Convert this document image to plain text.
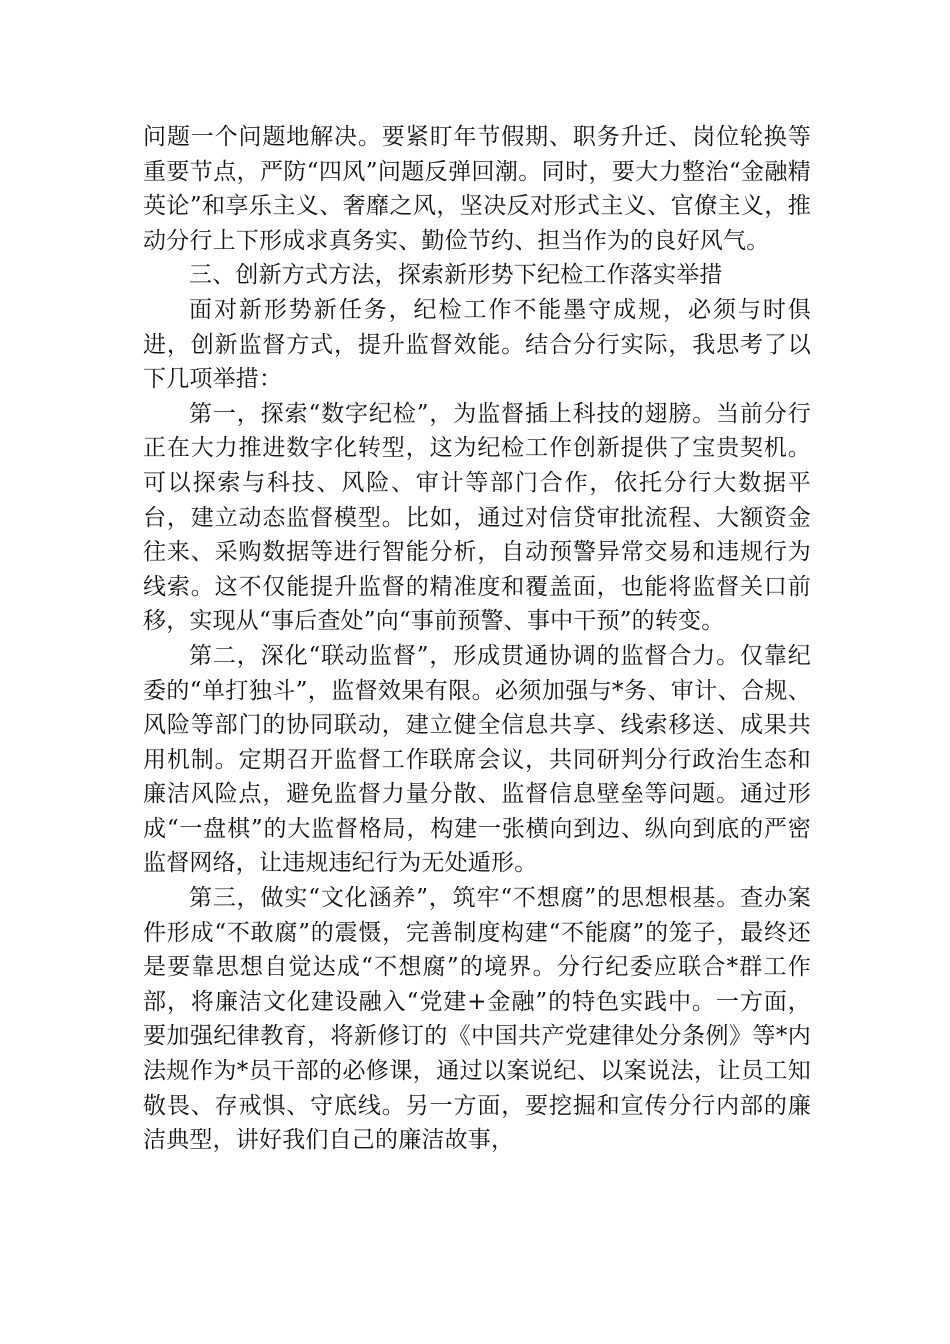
问题一个问题地解决。要紧盯年节假期、职务升迁、岗位轮换等重要节点，严防“四风”问题反弹回潮。同时，要大力整治“金融精英论”和享乐主义、奢靡之风，坚决反对形式主义、官僚主义，推动分行上下形成求真务实、勤俭节约、担当作为的良好风气。

三、创新方式方法，探索新形势下纪检工作落实举措

面对新形势新任务，纪检工作不能墨守成规，必须与时俱进，创新监督方式，提升监督效能。结合分行实际，我思考了以下几项举措：

第一，探索“数字纪检”，为监督插上科技的翅膀。当前分行正在大力推进数字化转型，这为纪检工作创新提供了宝贵契机。可以探索与科技、风险、审计等部门合作，依托分行大数据平台，建立动态监督模型。比如，通过对信贷审批流程、大额资金往来、采购数据等进行智能分析，自动预警异常交易和违规行为线索。这不仅能提升监督的精准度和覆盖面，也能将监督关口前移，实现从“事后查处”向“事前预警、事中干预”的转变。

第二，深化“联动监督”，形成贯通协调的监督合力。仅靠纪委的“单打独斗”，监督效果有限。必须加强与*务、审计、合规、风险等部门的协同联动，建立健全信息共享、线索移送、成果共用机制。定期召开监督工作联席会议，共同研判分行政治生态和廉洁风险点，避免监督力量分散、监督信息壁垒等问题。通过形成“一盘棋”的大监督格局，构建一张横向到边、纵向到底的严密监督网络，让违规违纪行为无处遁形。

第三，做实“文化涵养”，筑牢“不想腐”的思想根基。查办案件形成“不敢腐”的震慑，完善制度构建“不能腐”的笼子，最终还是要靠思想自觉达成“不想腐”的境界。分行纪委应联合*群工作部，将廉洁文化建设融入“党建+金融”的特色实践中。一方面，要加强纪律教育，将新修订的《中国共产党建律处分条例》等*内法规作为*员干部的必修课，通过以案说纪、以案说法，让员工知敬畏、存戒惧、守底线。另一方面，要挖掘和宣传分行内部的廉洁典型，讲好我们自己的廉洁故事，
